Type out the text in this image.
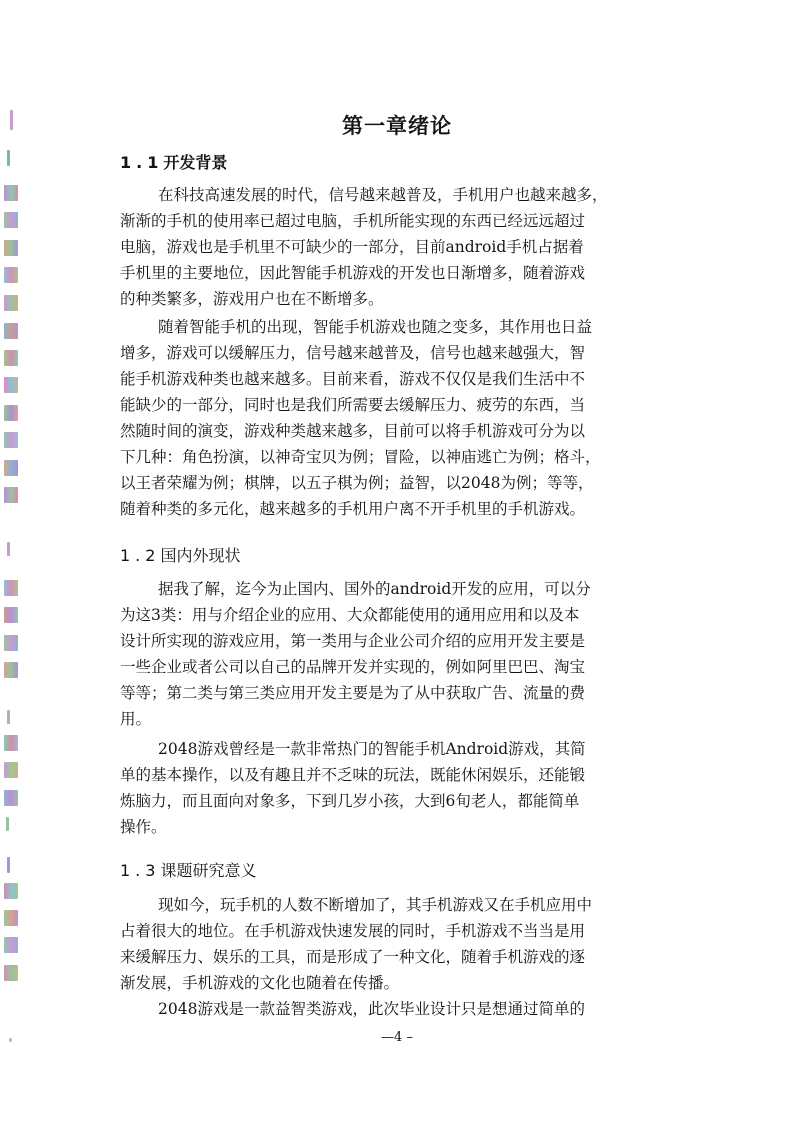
第一章绪论
1.1开发背景
在科技高速发展的时代，信号越来越普及，手机用户也越来越多，
渐渐的手机的使用率已超过电脑，手机所能实现的东西已经远远超过
电脑，游戏也是手机里不可缺少的一部分，目前android手机占据着
手机里的主要地位，因此智能手机游戏的开发也日渐增多，随着游戏
的种类繁多，游戏用户也在不断增多。
随着智能手机的出现，智能手机游戏也随之变多，其作用也日益
增多，游戏可以缓解压力，信号越来越普及，信号也越来越强大，智
能手机游戏种类也越来越多。目前来看，游戏不仅仅是我们生活中不
能缺少的一部分，同时也是我们所需要去缓解压力、疲劳的东西，当
然随时间的演变，游戏种类越来越多，目前可以将手机游戏可分为以
下几种：角色扮演，以神奇宝贝为例；冒险，以神庙逃亡为例；格斗，
以王者荣耀为例；棋牌，以五子棋为例；益智，以2048为例；等等，
随着种类的多元化，越来越多的手机用户离不开手机里的手机游戏。
1.2国内外现状
据我了解，迄今为止国内、国外的android开发的应用，可以分
为这3类：用与介绍企业的应用、大众都能使用的通用应用和以及本
设计所实现的游戏应用，第一类用与企业公司介绍的应用开发主要是
一些企业或者公司以自己的品牌开发并实现的，例如阿里巴巴、淘宝
等等；第二类与第三类应用开发主要是为了从中获取广告、流量的费
用。
2048游戏曾经是一款非常热门的智能手机Android游戏，其简
单的基本操作，以及有趣且并不乏味的玩法，既能休闲娱乐，还能锻
炼脑力，而且面向对象多，下到几岁小孩，大到6旬老人，都能简单
操作。
1.3课题研究意义
现如今，玩手机的人数不断增加了，其手机游戏又在手机应用中
占着很大的地位。在手机游戏快速发展的同时，手机游戏不当当是用
来缓解压力、娱乐的工具，而是形成了一种文化，随着手机游戏的逐
渐发展，手机游戏的文化也随着在传播。
2048游戏是一款益智类游戏，此次毕业设计只是想通过简单的
—4 –
